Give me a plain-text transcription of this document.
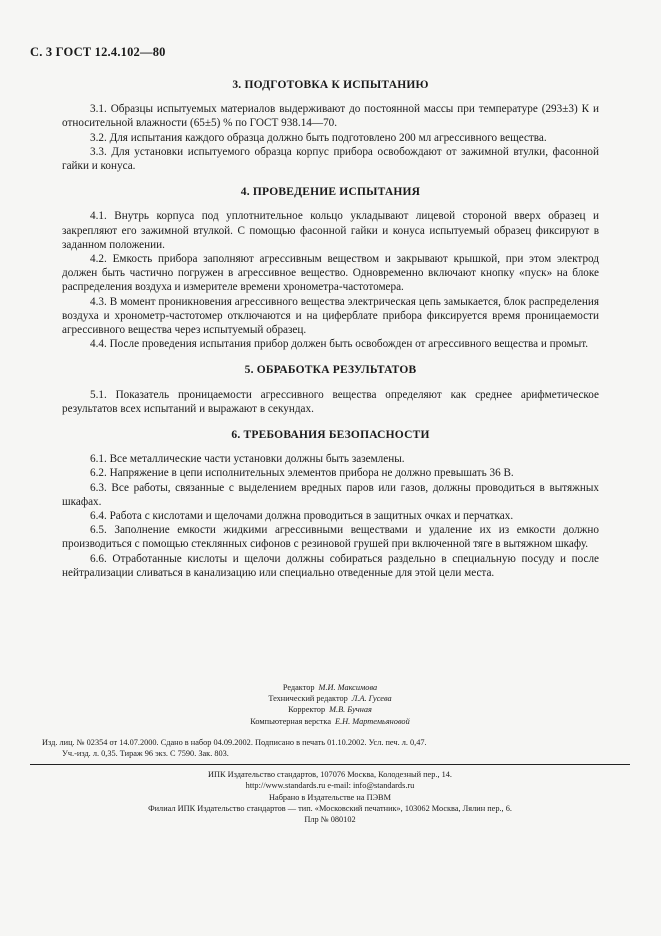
С. 3 ГОСТ 12.4.102—80
3. ПОДГОТОВКА К ИСПЫТАНИЮ

3.1. Образцы испытуемых материалов выдерживают до постоянной массы при температуре (293±3) К и относительной влажности (65±5) % по ГОСТ 938.14—70.

3.2. Для испытания каждого образца должно быть подготовлено 200 мл агрессивного вещества.

3.3. Для установки испытуемого образца корпус прибора освобождают от зажимной втулки, фасонной гайки и конуса.

4. ПРОВЕДЕНИЕ ИСПЫТАНИЯ

4.1. Внутрь корпуса под уплотнительное кольцо укладывают лицевой стороной вверх образец и закрепляют его зажимной втулкой. С помощью фасонной гайки и конуса испытуемый образец фиксируют в заданном положении.

4.2. Емкость прибора заполняют агрессивным веществом и закрывают крышкой, при этом электрод должен быть частично погружен в агрессивное вещество. Одновременно включают кнопку «пуск» на блоке распределения воздуха и измерителе времени хронометра-частотомера.

4.3. В момент проникновения агрессивного вещества электрическая цепь замыкается, блок распределения воздуха и хронометр-частотомер отключаются и на циферблате прибора фиксируется время проницаемости агрессивного вещества через испытуемый образец.

4.4. После проведения испытания прибор должен быть освобожден от агрессивного вещества и промыт.

5. ОБРАБОТКА РЕЗУЛЬТАТОВ

5.1. Показатель проницаемости агрессивного вещества определяют как среднее арифметическое результатов всех испытаний и выражают в секундах.

6. ТРЕБОВАНИЯ БЕЗОПАСНОСТИ

6.1. Все металлические части установки должны быть заземлены.

6.2. Напряжение в цепи исполнительных элементов прибора не должно превышать 36 В.

6.3. Все работы, связанные с выделением вредных паров или газов, должны проводиться в вытяжных шкафах.

6.4. Работа с кислотами и щелочами должна проводиться в защитных очках и перчатках.

6.5. Заполнение емкости жидкими агрессивными веществами и удаление их из емкости должно производиться с помощью стеклянных сифонов с резиновой грушей при включенной тяге в вытяжном шкафу.

6.6. Отработанные кислоты и щелочи должны собираться раздельно в специальную посуду и после нейтрализации сливаться в канализацию или специально отведенные для этой цели места.

Редактор М.И. Максимова
Технический редактор Л.А. Гусева
Корректор М.В. Бучная
Компьютерная верстка Е.Н. Мартемьяновой
Изд. лиц. № 02354 от 14.07.2000. Сдано в набор 04.09.2002. Подписано в печать 01.10.2002. Усл. печ. л. 0,47.
Уч.-изд. л. 0,35. Тираж 96 экз. С 7590. Зак. 803.
ИПК Издательство стандартов, 107076 Москва, Колодезный пер., 14.
http://www.standards.ru e-mail: info@standards.ru
Набрано в Издательстве на ПЭВМ
Филиал ИПК Издательство стандартов — тип. «Московский печатник», 103062 Москва, Лялин пер., 6.
Плр № 080102
